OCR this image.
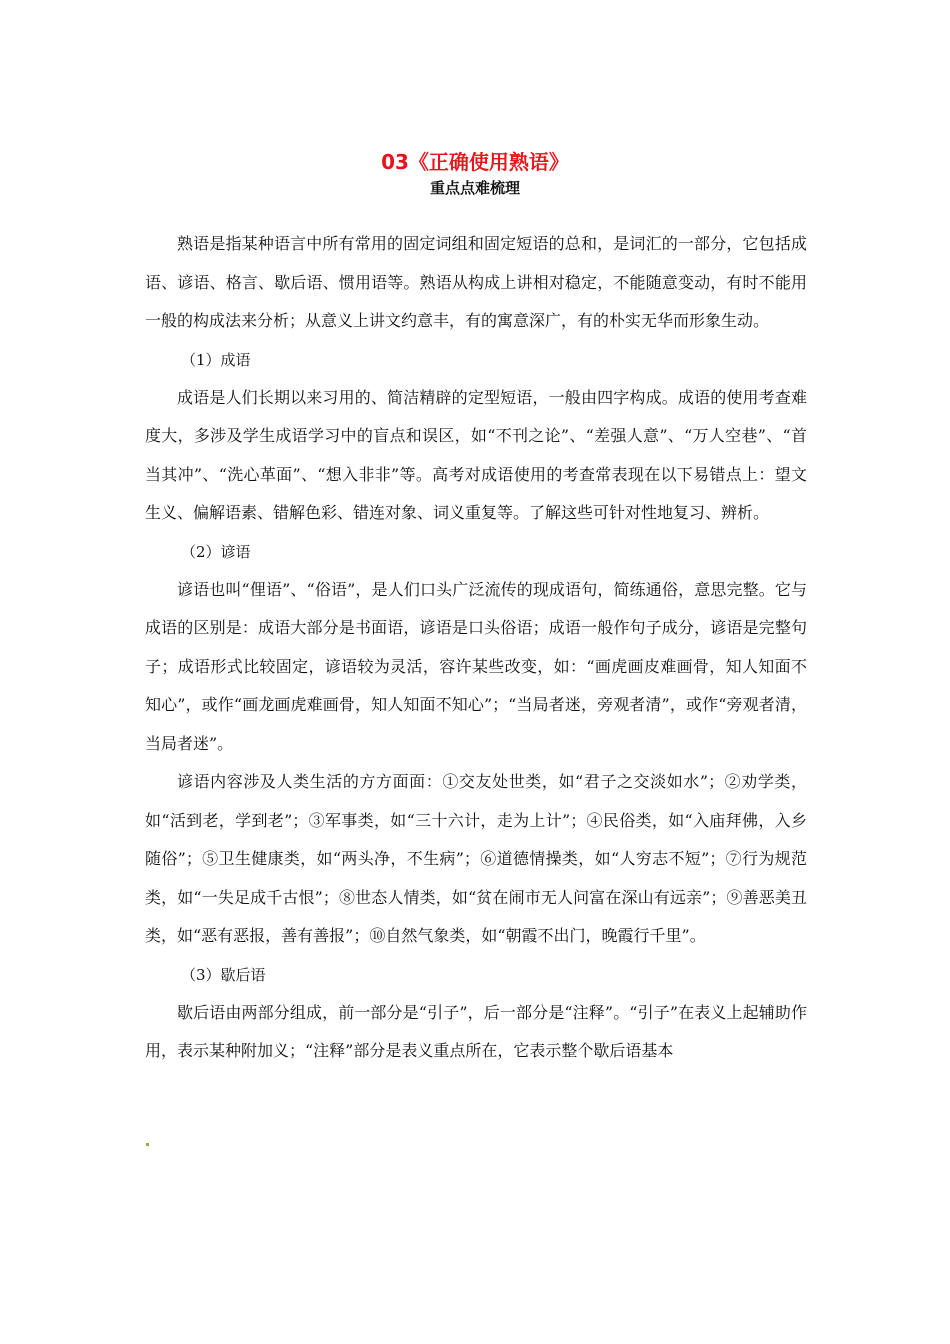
03《正确使用熟语》
重点点难梳理

熟语是指某种语言中所有常用的固定词组和固定短语的总和，是词汇的一部分，它包括成语、谚语、格言、歇后语、惯用语等。熟语从构成上讲相对稳定，不能随意变动，有时不能用一般的构成法来分析；从意义上讲文约意丰，有的寓意深广，有的朴实无华而形象生动。

（1）成语

成语是人们长期以来习用的、简洁精辟的定型短语，一般由四字构成。成语的使用考查难度大，多涉及学生成语学习中的盲点和误区，如“不刊之论”、“差强人意”、“万人空巷”、“首当其冲”、“洗心革面”、“想入非非”等。高考对成语使用的考查常表现在以下易错点上：望文生义、偏解语素、错解色彩、错连对象、词义重复等。了解这些可针对性地复习、辨析。

（2）谚语

谚语也叫“俚语”、“俗语”，是人们口头广泛流传的现成语句，简练通俗，意思完整。它与成语的区别是：成语大部分是书面语，谚语是口头俗语；成语一般作句子成分，谚语是完整句子；成语形式比较固定，谚语较为灵活，容许某些改变，如：“画虎画皮难画骨，知人知面不知心”，或作“画龙画虎难画骨，知人知面不知心”；“当局者迷，旁观者清”，或作“旁观者清，当局者迷”。

谚语内容涉及人类生活的方方面面：①交友处世类，如“君子之交淡如水”；②劝学类，如“活到老，学到老”；③军事类，如“三十六计，走为上计”；④民俗类，如“入庙拜佛，入乡随俗”；⑤卫生健康类，如“两头净，不生病”；⑥道德情操类，如“人穷志不短”；⑦行为规范类，如“一失足成千古恨”；⑧世态人情类，如“贫在闹市无人问富在深山有远亲”；⑨善恶美丑类，如“恶有恶报，善有善报”；⑩自然气象类，如“朝霞不出门，晚霞行千里”。

（3）歇后语

歇后语由两部分组成，前一部分是“引子”，后一部分是“注释”。“引子”在表义上起辅助作用，表示某种附加义；“注释”部分是表义重点所在，它表示整个歇后语基本
